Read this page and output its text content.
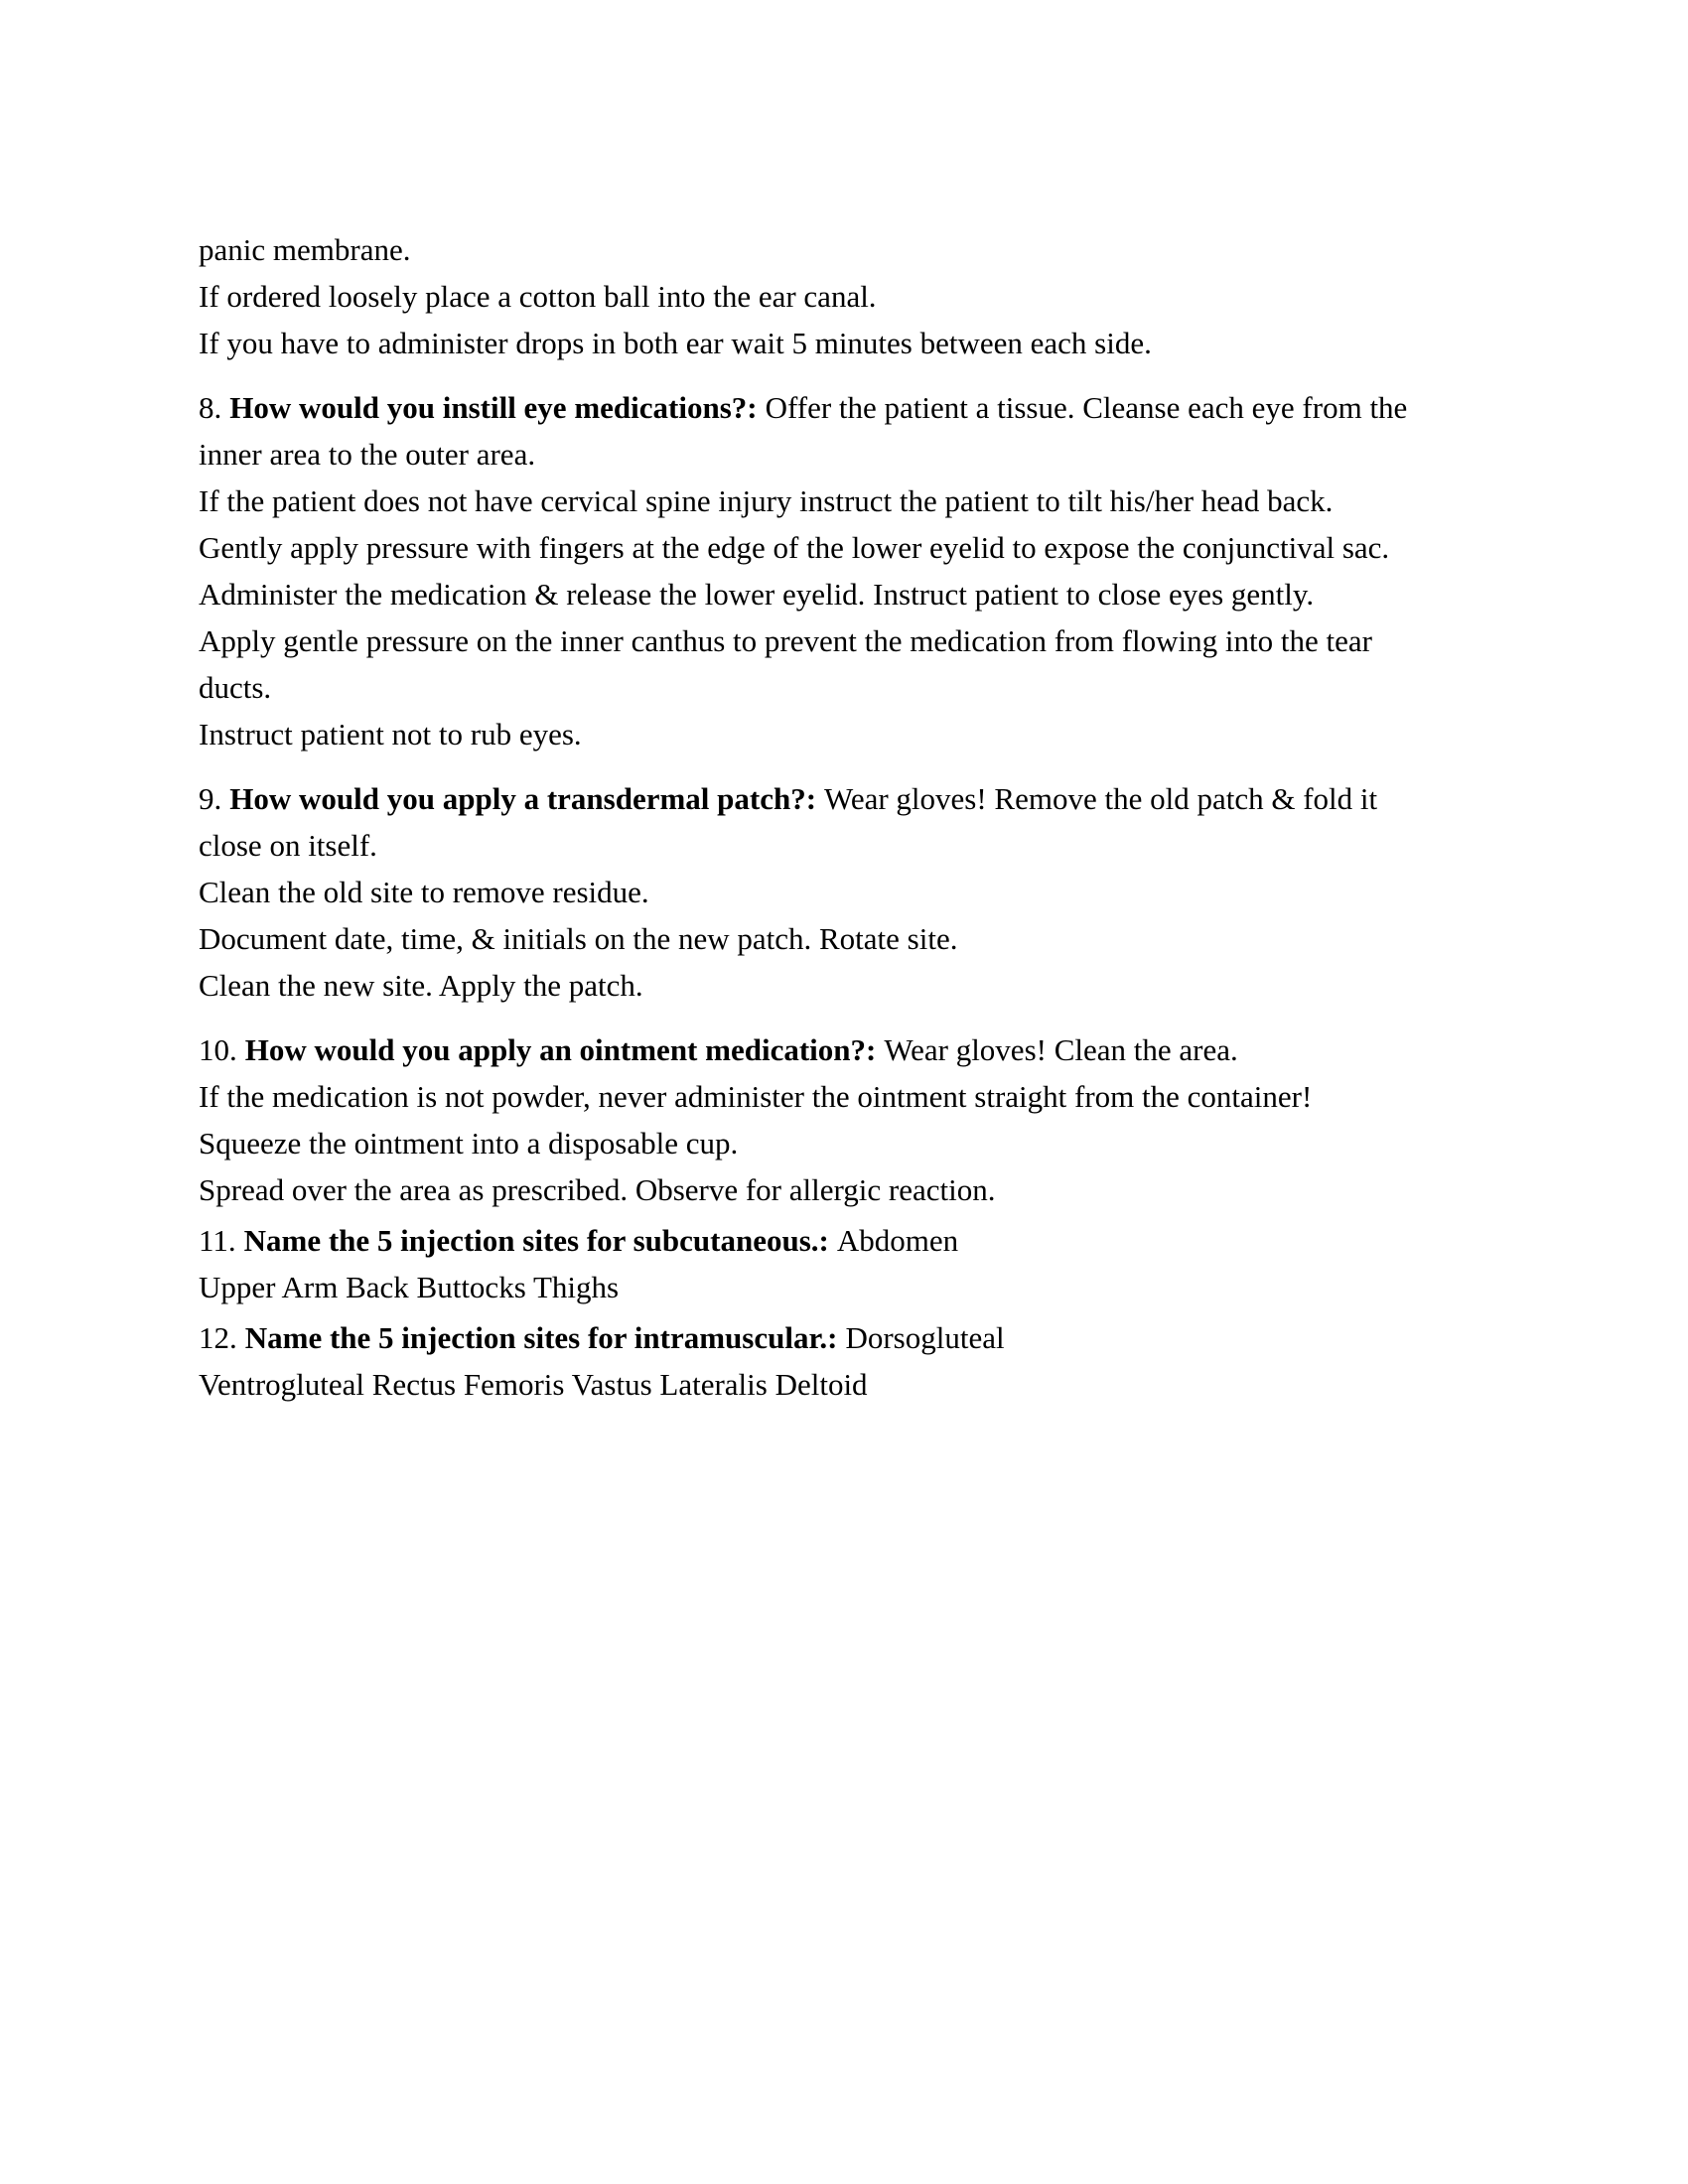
panic membrane.
If ordered loosely place a cotton ball into the ear canal.
If you have to administer drops in both ear wait 5 minutes between each side.
8. How would you instill eye medications?: Offer the patient a tissue. Cleanse each eye from the
inner area to the outer area.
If the patient does not have cervical spine injury instruct the patient to tilt his/her head back.
Gently apply pressure with fingers at the edge of the lower eyelid to expose the conjunctival sac.
Administer the medication & release the lower eyelid. Instruct patient to close eyes gently.
Apply gentle pressure on the inner canthus to prevent the medication from flowing into the tear
ducts.
Instruct patient not to rub eyes.
9. How would you apply a transdermal patch?: Wear gloves! Remove the old patch & fold it
close on itself.
Clean the old site to remove residue.
Document date, time, & initials on the new patch. Rotate site.
Clean the new site. Apply the patch.
10. How would you apply an ointment medication?: Wear gloves! Clean the area.
If the medication is not powder, never administer the ointment straight from the container!
Squeeze the ointment into a disposable cup.
Spread over the area as prescribed. Observe for allergic reaction.
11. Name the 5 injection sites for subcutaneous.: Abdomen
Upper Arm Back Buttocks Thighs
12. Name the 5 injection sites for intramuscular.: Dorsogluteal
Ventrogluteal Rectus Femoris Vastus Lateralis Deltoid
